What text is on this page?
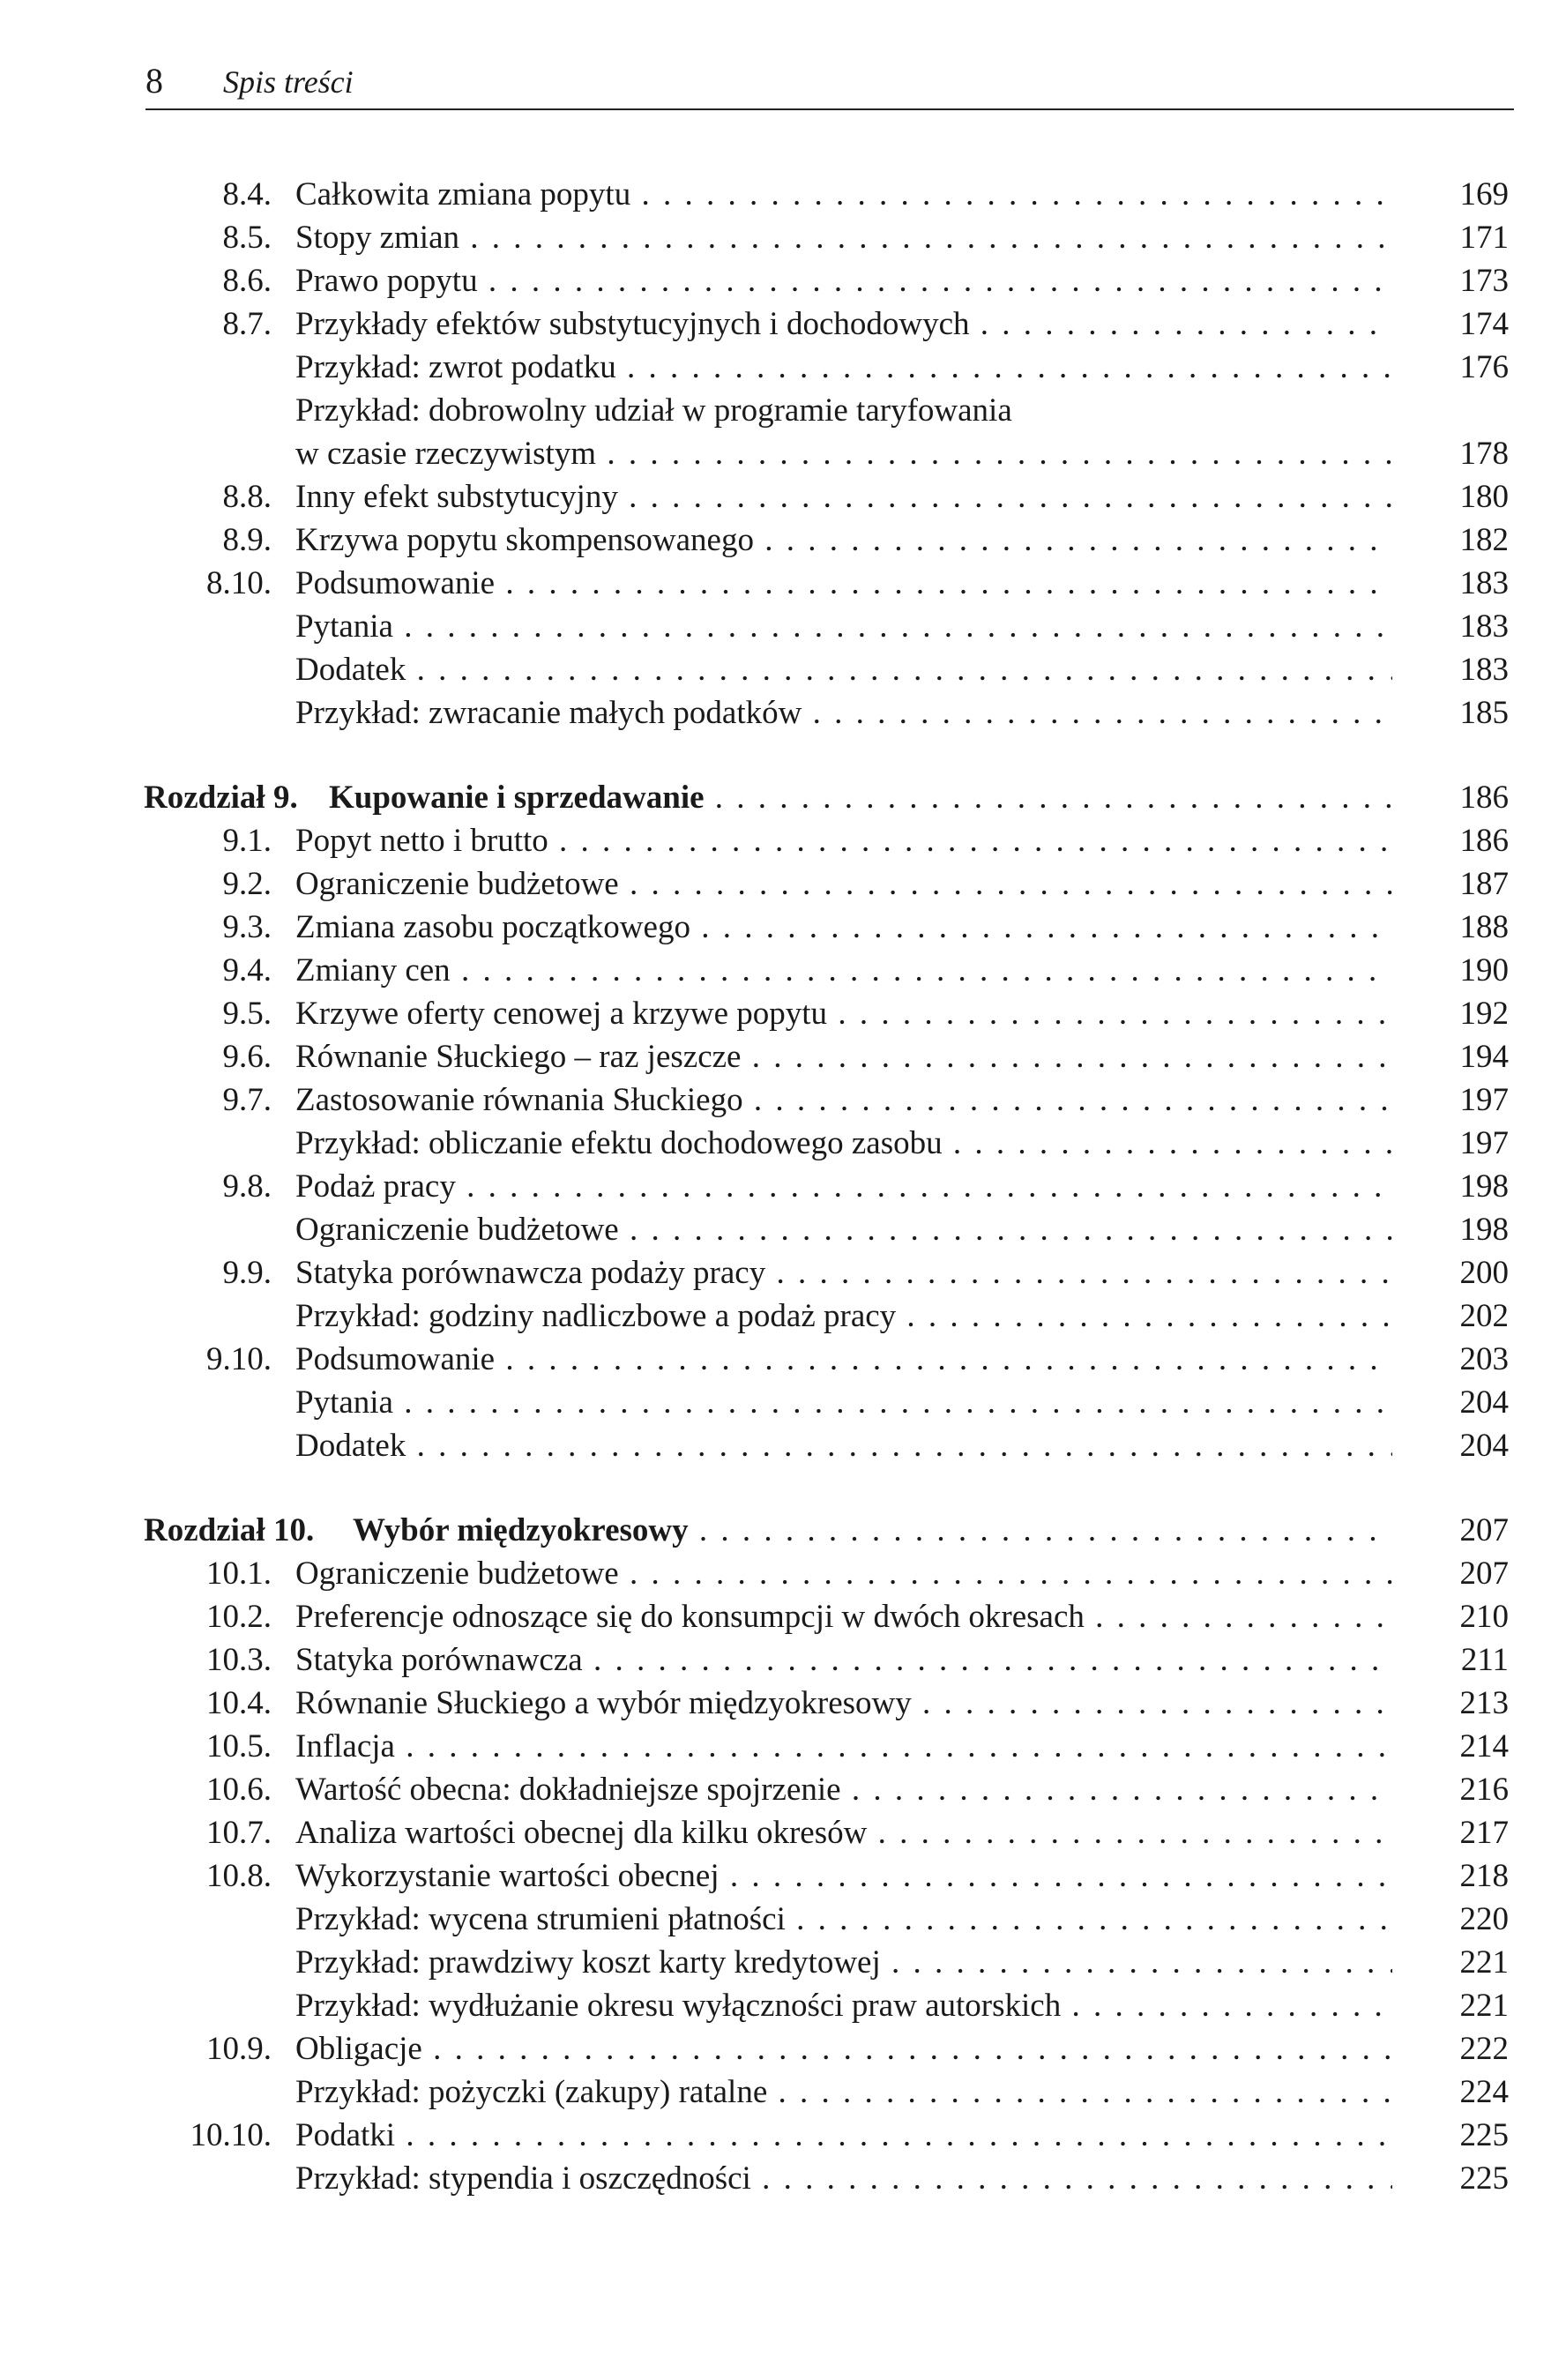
8 Spis treści
8.4. Całkowita zmiana popytu . . .	169
8.5. Stopy zmian . . .	171
8.6. Prawo popytu . . .	173
8.7. Przykłady efektów substytucyjnych i dochodowych . . .	174
Przykład: zwrot podatku . . .	176
Przykład: dobrowolny udział w programie taryfowania
w czasie rzeczywistym . . .	178
8.8. Inny efekt substytucyjny . . .	180
8.9. Krzywa popytu skompensowanego . . .	182
8.10. Podsumowanie . . .	183
Pytania . . .	183
Dodatek . . .	183
Przykład: zwracanie małych podatków . . .	185
Rozdział 9. Kupowanie i sprzedawanie . . .	186
9.1. Popyt netto i brutto . . .	186
9.2. Ograniczenie budżetowe . . .	187
9.3. Zmiana zasobu początkowego . . .	188
9.4. Zmiany cen . . .	190
9.5. Krzywe oferty cenowej a krzywe popytu . . .	192
9.6. Równanie Słuckiego – raz jeszcze . . .	194
9.7. Zastosowanie równania Słuckiego . . .	197
Przykład: obliczanie efektu dochodowego zasobu . . .	197
9.8. Podaż pracy . . .	198
Ograniczenie budżetowe . . .	198
9.9. Statyka porównawcza podaży pracy . . .	200
Przykład: godziny nadliczbowe a podaż pracy . . .	202
9.10. Podsumowanie . . .	203
Pytania . . .	204
Dodatek . . .	204
Rozdział 10. Wybór międzyokresowy . . .	207
10.1. Ograniczenie budżetowe . . .	207
10.2. Preferencje odnoszące się do konsumpcji w dwóch okresach . . .	210
10.3. Statyka porównawcza . . .	211
10.4. Równanie Słuckiego a wybór międzyokresowy . . .	213
10.5. Inflacja . . .	214
10.6. Wartość obecna: dokładniejsze spojrzenie . . .	216
10.7. Analiza wartości obecnej dla kilku okresów . . .	217
10.8. Wykorzystanie wartości obecnej . . .	218
Przykład: wycena strumieni płatności . . .	220
Przykład: prawdziwy koszt karty kredytowej . . .	221
Przykład: wydłużanie okresu wyłączności praw autorskich . . .	221
10.9. Obligacje . . .	222
Przykład: pożyczki (zakupy) ratalne . . .	224
10.10. Podatki . . .	225
Przykład: stypendia i oszczędności . . .	225
